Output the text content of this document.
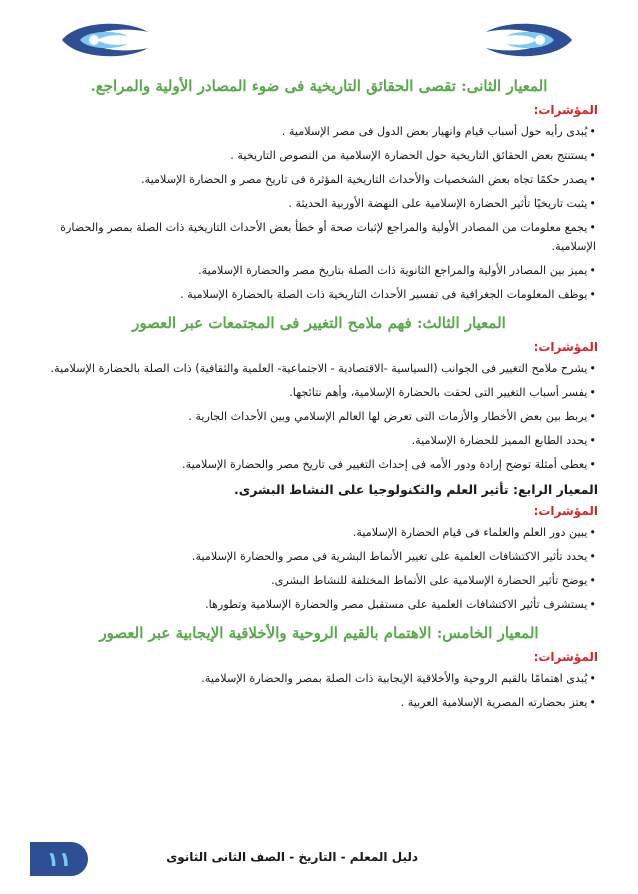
المعيار الثانى: تقصى الحقائق التاريخية فى ضوء المصادر الأولية والمراجع.

المؤشرات:

•يُبدى رأيه حول أسباب قيام وانهيار بعض الدول فى مصر الإسلامية .

•يستنتج بعض الحقائق التاريخية حول الحضارة الإسلامية من النصوص التاريخية .

•يصدر حكمًا تجاه بعض الشخصيات والأحداث التاريخية المؤثرة فى تاريخ مصر و الحضارة الإسلامية.

•يثبت تاريخيًا تأثير الحضارة الإسلامية على النهضة الأوربية الحديثة .

•يجمع معلومات من المصادر الأولية والمراجع لإثبات صحة أو خطأ بعض الأحداث التاريخية ذات الصلة بمصر والحضارة الإسلامية.

•يميز بين المصادر الأولية والمراجع الثانوية ذات الصلة بتاريخ مصر والحضارة الإسلامية.

•يوظف المعلومات الجغرافية فى تفسير الأحداث التاريخية ذات الصلة بالحضارة الإسلامية .

المعيار الثالث: فهم ملامح التغيير فى المجتمعات عبر العصور

المؤشرات:

•يشرح ملامح التغيير فى الجوانب (السياسية -الاقتصادية - الاجتماعية- العلمية والثقافية) ذات الصلة بالحضارة الإسلامية.

•يفسر أسباب التغيير التى لحقت بالحضارة الإسلامية، وأهم نتائجها.

•يربط بين بعض الأخطار والأزمات التى تعرض لها العالم الإسلامي وبين الأحداث الجارية .

•يحدد الطابع المميز للحضارة الإسلامية.

•يعطى أمثلة توضح إرادة ودور الأمه فى إحداث التغيير فى تاريخ مصر والحضارة الإسلامية.

المعيار الرابع: تأثير العلم والتكنولوجيا على النشاط البشرى.

المؤشرات:

•يبين دور العلم والعلماء فى قيام الحضارة الإسلامية.

•يحدد تأثير الاكتشافات العلمية على تغيير الأنماط البشرية فى مصر والحضارة الإسلامية.

•يوضح تأثير الحضارة الإسلامية على الأنماط المختلفة للنشاط البشرى.

•يستشرف تأثير الاكتشافات العلمية على مستقبل مصر والحضارة الإسلامية وتطورها.

المعيار الخامس: الاهتمام بالقيم الروحية والأخلاقية الإيجابية عبر العصور

المؤشرات:

•يُبدى اهتمامًا بالقيم الروحية والأخلاقية الإيجابية ذات الصلة بمصر والحضارة الإسلامية.

•يعتز بحضارته المصرية الإسلامية العربية .

دليل المعلم - التاريخ - الصف الثانى الثانوى
١١
